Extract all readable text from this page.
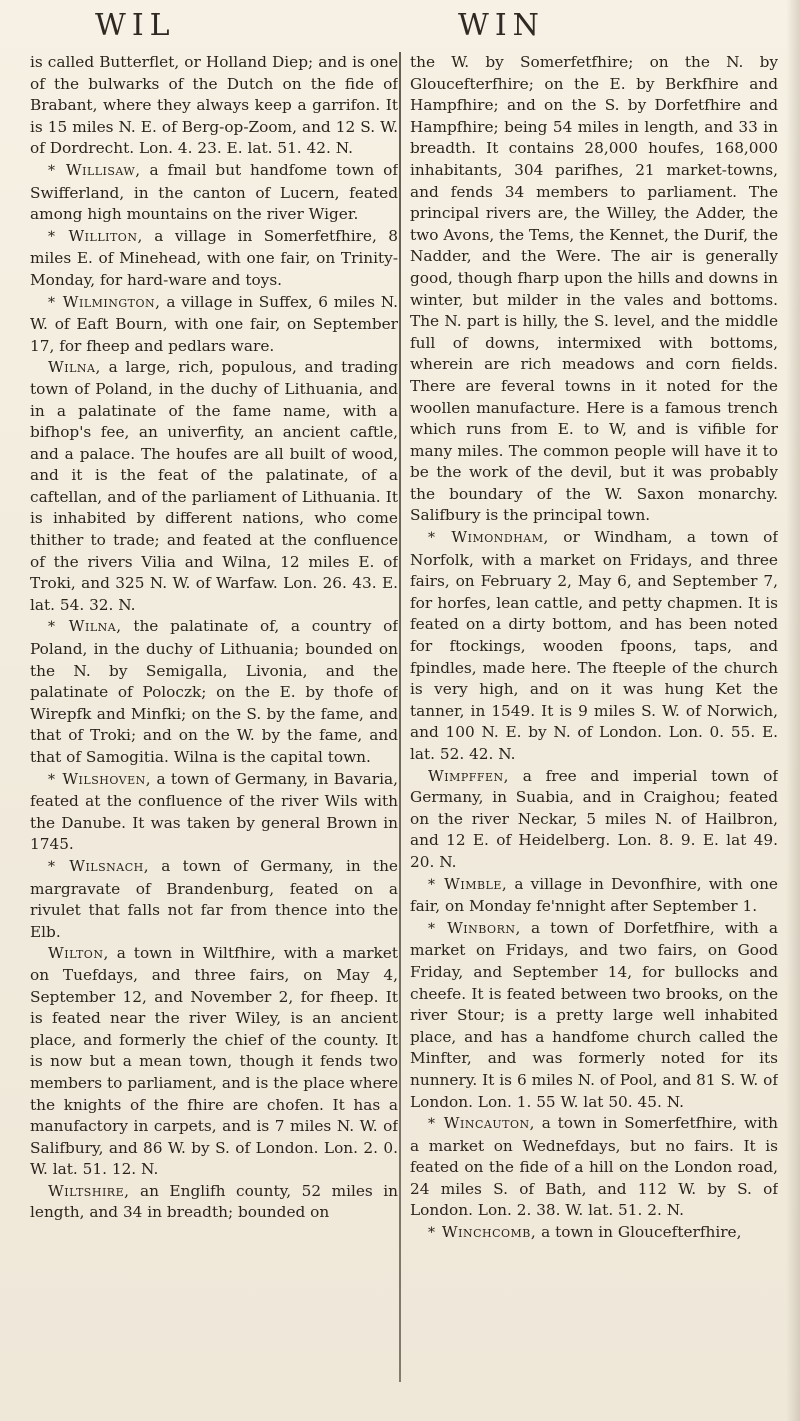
WIL	WIN

is called Butterflet, or Holland Diep; and is one of the bulwarks of the Dutch on the fide of Brabant, where they always keep a garrifon. It is 15 miles N. E. of Berg-op-Zoom, and 12 S. W. of Dordrecht. Lon. 4. 23. E. lat. 51. 42. N.

* Willisaw, a fmail but handfome town of Swifferland, in the canton of Lucern, feated among high mountains on the river Wiger.

* Williton, a village in Somerfetfhire, 8 miles E. of Minehead, with one fair, on Trinity-Monday, for hard-ware and toys.

* Wilmington, a village in Suffex, 6 miles N. W. of Eaft Bourn, with one fair, on September 17, for fheep and pedlars ware.

Wilna, a large, rich, populous, and trading town of Poland, in the duchy of Lithuania, and in a palatinate of the fame name, with a bifhop's fee, an univerfity, an ancient caftle, and a palace. The houfes are all built of wood, and it is the feat of the palatinate, of a caftellan, and of the parliament of Lithuania. It is inhabited by different nations, who come thither to trade; and feated at the confluence of the rivers Vilia and Wilna, 12 miles E. of Troki, and 325 N. W. of Warfaw. Lon. 26. 43. E. lat. 54. 32. N.

* Wilna, the palatinate of, a country of Poland, in the duchy of Lithuania; bounded on the N. by Semigalla, Livonia, and the palatinate of Poloczk; on the E. by thofe of Wirepfk and Minfki; on the S. by the fame, and that of Troki; and on the W. by the fame, and that of Samogitia. Wilna is the capital town.

* Wilshoven, a town of Germany, in Bavaria, feated at the confluence of the river Wils with the Danube. It was taken by general Brown in 1745.

* Wilsnach, a town of Germany, in the margravate of Brandenburg, feated on a rivulet that falls not far from thence into the Elb.

Wilton, a town in Wiltfhire, with a market on Tuefdays, and three fairs, on May 4, September 12, and November 2, for fheep. It is feated near the river Wiley, is an ancient place, and formerly the chief of the county. It is now but a mean town, though it fends two members to parliament, and is the place where the knights of the fhire are chofen. It has a manufactory in carpets, and is 7 miles N. W. of Salifbury, and 86 W. by S. of London. Lon. 2. 0. W. lat. 51. 12. N.

Wiltshire, an Englifh county, 52 miles in length, and 34 in breadth; bounded on

the W. by Somerfetfhire; on the N. by Gloucefterfhire; on the E. by Berkfhire and Hampfhire; and on the S. by Dorfetfhire and Hampfhire; being 54 miles in length, and 33 in breadth. It contains 28,000 houfes, 168,000 inhabitants, 304 parifhes, 21 market-towns, and fends 34 members to parliament. The principal rivers are, the Willey, the Adder, the two Avons, the Tems, the Kennet, the Durif, the Nadder, and the Were. The air is generally good, though fharp upon the hills and downs in winter, but milder in the vales and bottoms. The N. part is hilly, the S. level, and the middle full of downs, intermixed with bottoms, wherein are rich meadows and corn fields. There are feveral towns in it noted for the woollen manufacture. Here is a famous trench which runs from E. to W, and is vifible for many miles. The common people will have it to be the work of the devil, but it was probably the boundary of the W. Saxon monarchy. Salifbury is the principal town.

* Wimondham, or Windham, a town of Norfolk, with a market on Fridays, and three fairs, on February 2, May 6, and September 7, for horfes, lean cattle, and petty chapmen. It is feated on a dirty bottom, and has been noted for ftockings, wooden fpoons, taps, and fpindles, made here. The fteeple of the church is very high, and on it was hung Ket the tanner, in 1549. It is 9 miles S. W. of Norwich, and 100 N. E. by N. of London. Lon. 0. 55. E. lat. 52. 42. N.

Wimpffen, a free and imperial town of Germany, in Suabia, and in Craighou; feated on the river Neckar, 5 miles N. of Hailbron, and 12 E. of Heidelberg. Lon. 8. 9. E. lat 49. 20. N.

* Wimble, a village in Devonfhire, with one fair, on Monday fe'nnight after September 1.

* Winborn, a town of Dorfetfhire, with a market on Fridays, and two fairs, on Good Friday, and September 14, for bullocks and cheefe. It is feated between two brooks, on the river Stour; is a pretty large well inhabited place, and has a handfome church called the Minfter, and was formerly noted for its nunnery. It is 6 miles N. of Pool, and 81 S. W. of London. Lon. 1. 55 W. lat 50. 45. N.

* Wincauton, a town in Somerfetfhire, with a market on Wednefdays, but no fairs. It is feated on the fide of a hill on the London road, 24 miles S. of Bath, and 112 W. by S. of London. Lon. 2. 38. W. lat. 51. 2. N.

* Winchcomb, a town in Gloucefterfhire,
